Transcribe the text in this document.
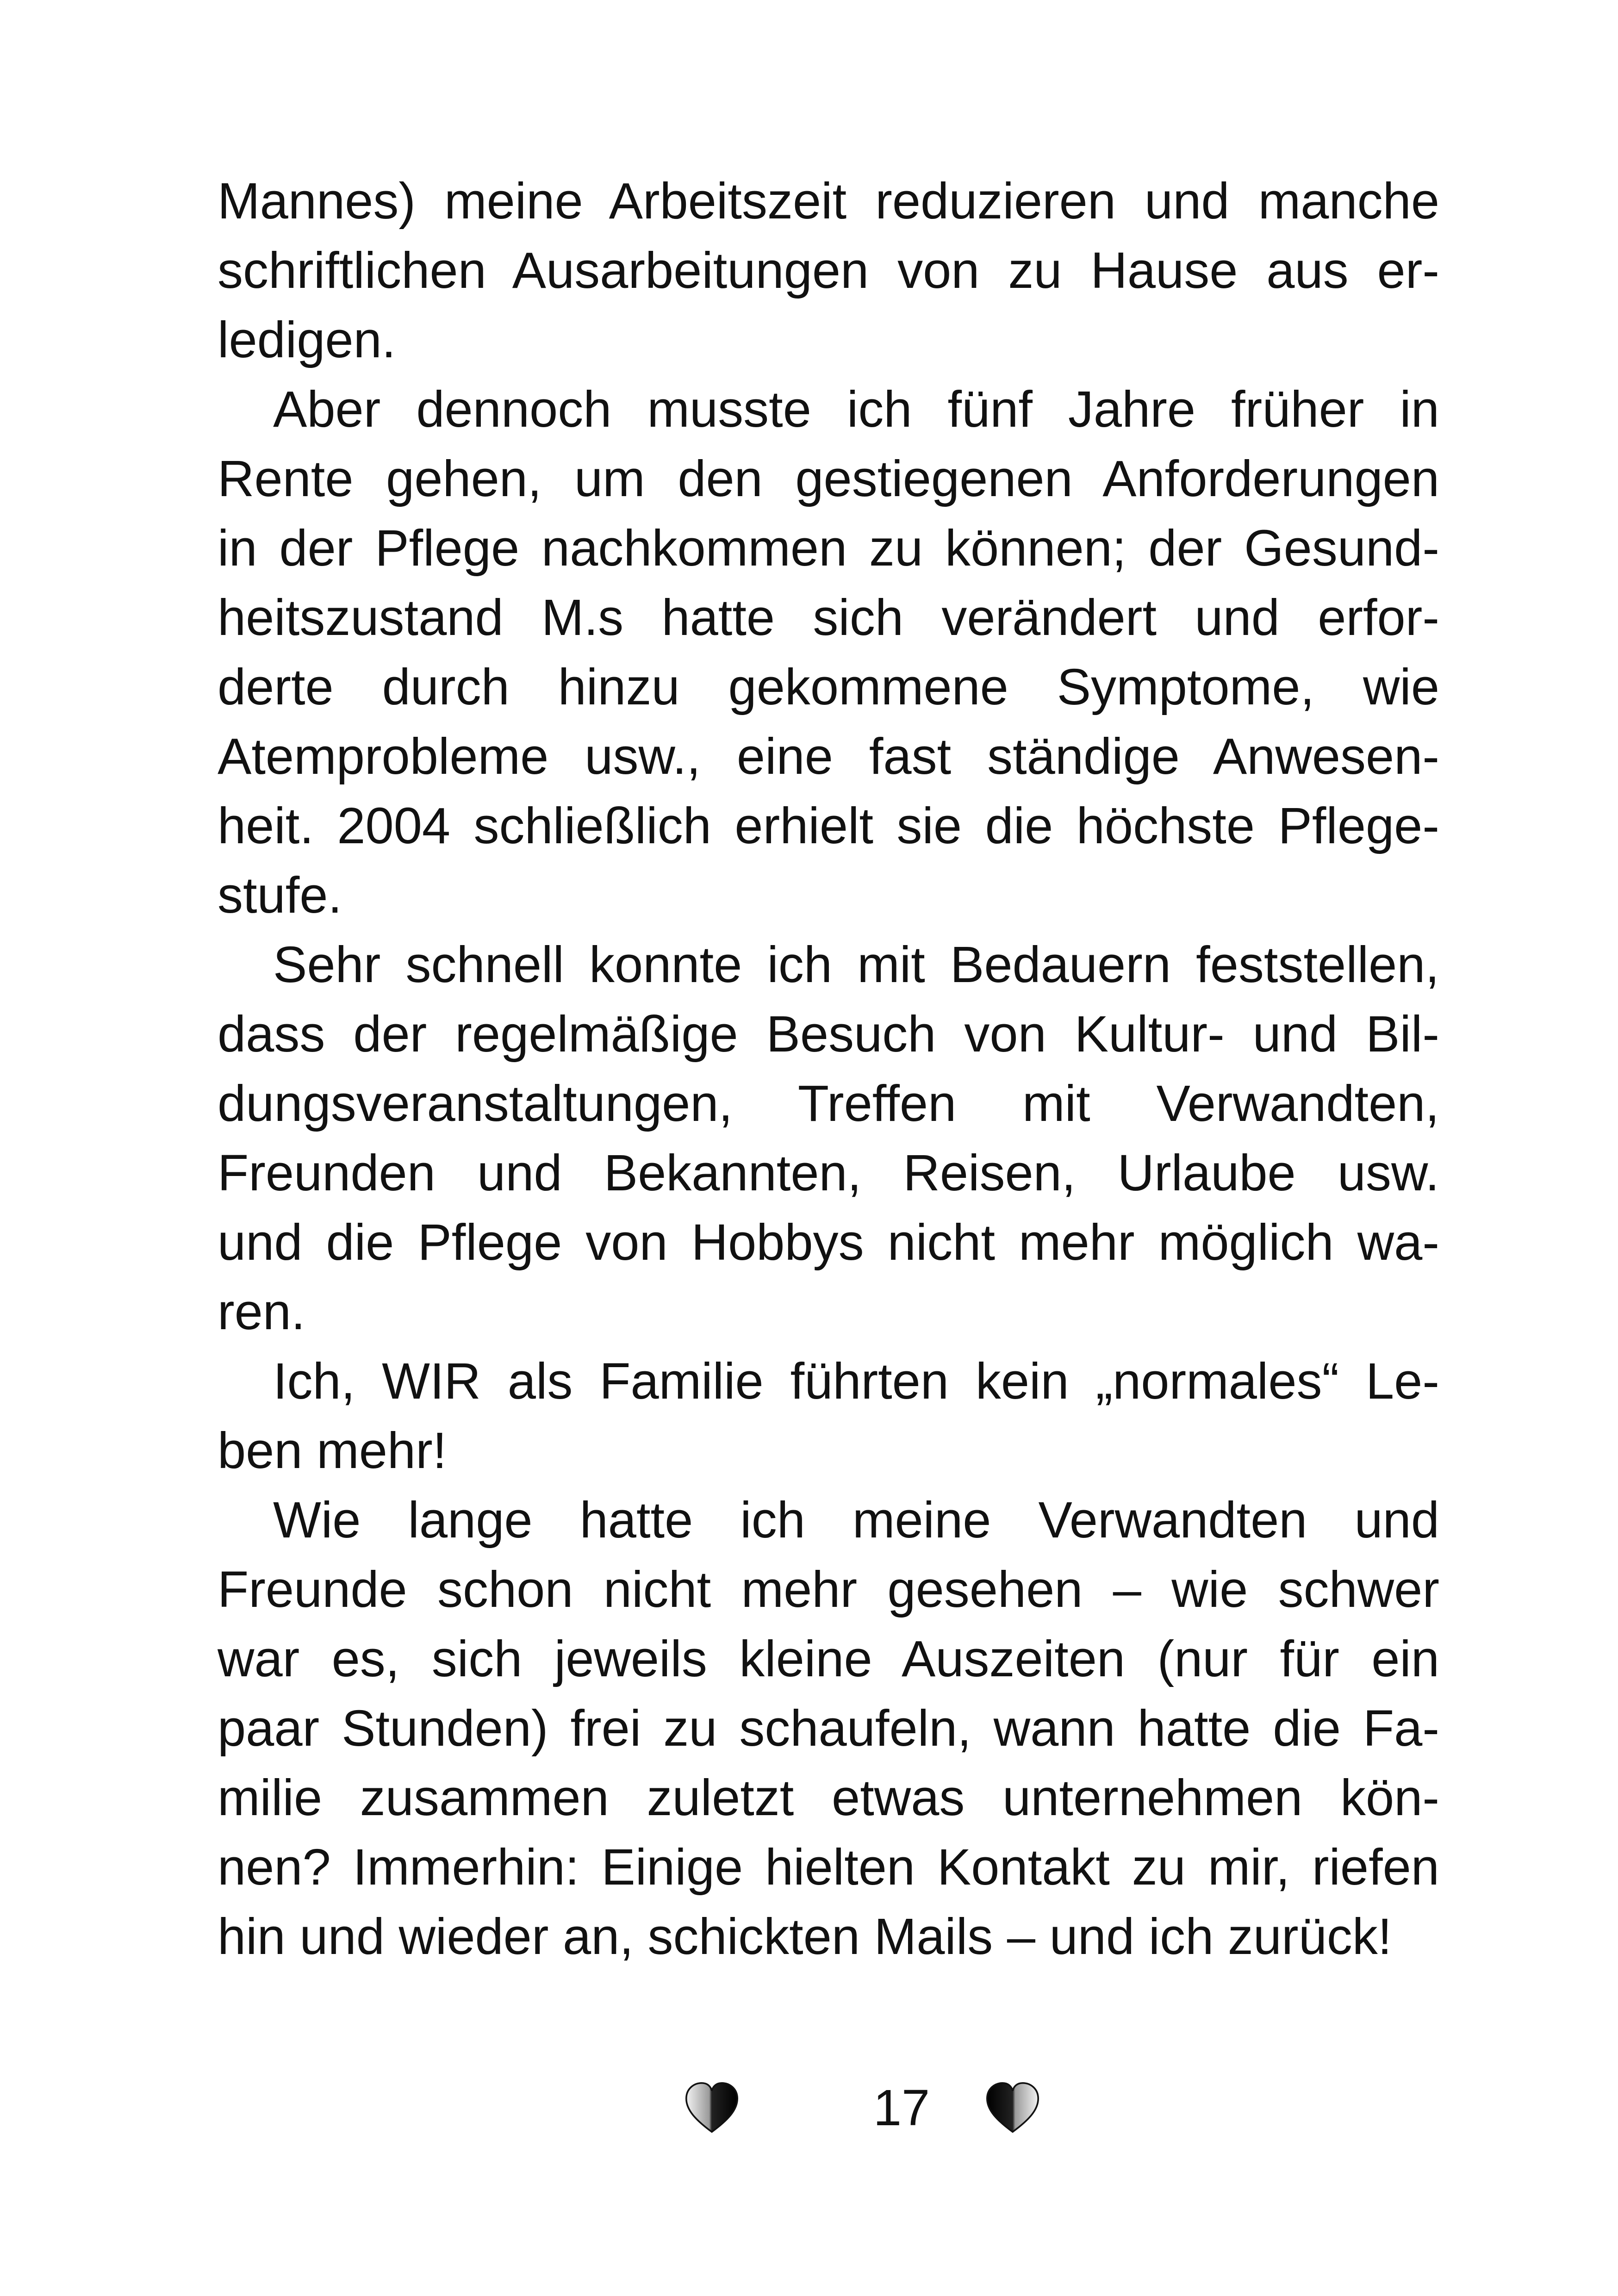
Mannes) meine Arbeitszeit reduzieren und manche
schriftlichen Ausarbeitungen von zu Hause aus er-
ledigen.
Aber dennoch musste ich fünf Jahre früher in
Rente gehen, um den gestiegenen Anforderungen
in der Pflege nachkommen zu können; der Gesund-
heitszustand M.s hatte sich verändert und erfor-
derte durch hinzu gekommene Symptome, wie
Atemprobleme usw., eine fast ständige Anwesen-
heit. 2004 schließlich erhielt sie die höchste Pflege-
stufe.
Sehr schnell konnte ich mit Bedauern feststellen,
dass der regelmäßige Besuch von Kultur- und Bil-
dungsveranstaltungen, Treffen mit Verwandten,
Freunden und Bekannten, Reisen, Urlaube usw.
und die Pflege von Hobbys nicht mehr möglich wa-
ren.
Ich, WIR als Familie führten kein „normales“ Le-
ben mehr!
Wie lange hatte ich meine Verwandten und
Freunde schon nicht mehr gesehen – wie schwer
war es, sich jeweils kleine Auszeiten (nur für ein
paar Stunden) frei zu schaufeln, wann hatte die Fa-
milie zusammen zuletzt etwas unternehmen kön-
nen? Immerhin: Einige hielten Kontakt zu mir, riefen
hin und wieder an, schickten Mails – und ich zurück!
17
